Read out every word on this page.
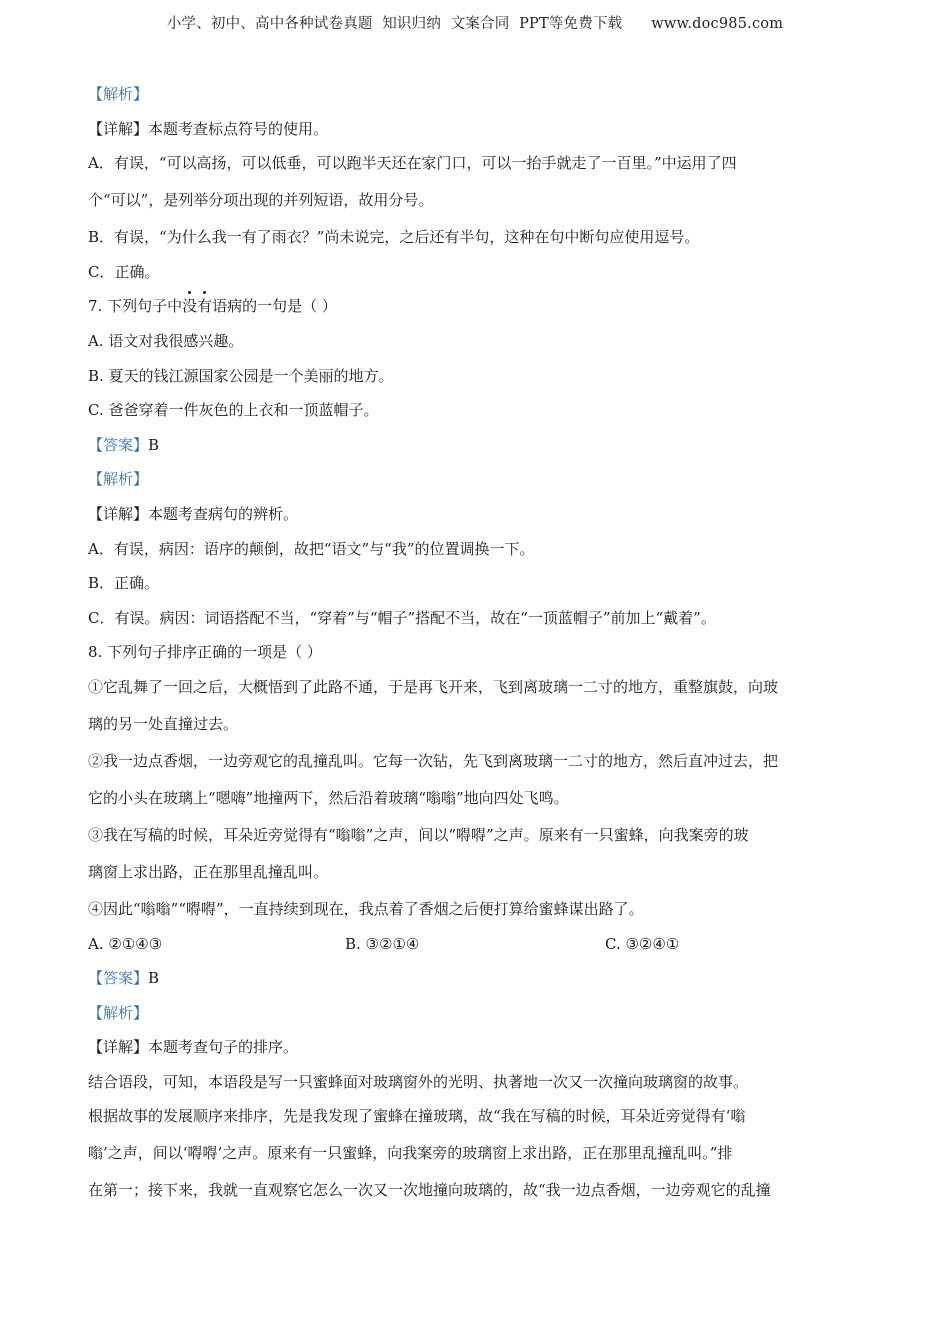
小学、初中、高中各种试卷真题  知识归纳  文案合同  PPT等免费下载 www.doc985.com
【解析】
【详解】本题考查标点符号的使用。
A．有误，“可以高扬，可以低垂，可以跑半天还在家门口，可以一抬手就走了一百里。”中运用了四
个“可以”，是列举分项出现的并列短语，故用分号。
B．有误，“为什么我一有了雨衣？”尚未说完，之后还有半句，这种在句中断句应使用逗号。
C．正确。
7. 下列句子中没有语病的一句是（ ）
A. 语文对我很感兴趣。
B. 夏天的钱江源国家公园是一个美丽的地方。
C. 爸爸穿着一件灰色的上衣和一顶蓝帽子。
【答案】B
【解析】
【详解】本题考查病句的辨析。
A．有误，病因：语序的颠倒，故把“语文”与“我”的位置调换一下。
B．正确。
C．有误。病因：词语搭配不当，“穿着”与“帽子”搭配不当，故在“一顶蓝帽子”前加上“戴着”。
8. 下列句子排序正确的一项是（ ）
①它乱舞了一回之后，大概悟到了此路不通，于是再飞开来，飞到离玻璃一二寸的地方，重整旗鼓，向玻
璃的另一处直撞过去。
②我一边点香烟，一边旁观它的乱撞乱叫。它每一次钻，先飞到离玻璃一二寸的地方，然后直冲过去，把
它的小头在玻璃上“嗯嗨”地撞两下，然后沿着玻璃“嗡嗡”地向四处飞鸣。
③我在写稿的时候，耳朵近旁觉得有“嗡嗡”之声，间以“嘚嘚”之声。原来有一只蜜蜂，向我案旁的玻
璃窗上求出路，正在那里乱撞乱叫。
④因此“嗡嗡”“嘚嘚”，一直持续到现在，我点着了香烟之后便打算给蜜蜂谋出路了。
A. ②①④③	B. ③②①④	C. ③②④①
【答案】B
【解析】
【详解】本题考查句子的排序。
结合语段，可知，本语段是写一只蜜蜂面对玻璃窗外的光明、执著地一次又一次撞向玻璃窗的故事。
根据故事的发展顺序来排序，先是我发现了蜜蜂在撞玻璃，故“我在写稿的时候，耳朵近旁觉得有‘嗡
嗡’之声，间以‘嘚嘚’之声。原来有一只蜜蜂，向我案旁的玻璃窗上求出路，正在那里乱撞乱叫。”排
在第一；接下来，我就一直观察它怎么一次又一次地撞向玻璃的，故“我一边点香烟，一边旁观它的乱撞
